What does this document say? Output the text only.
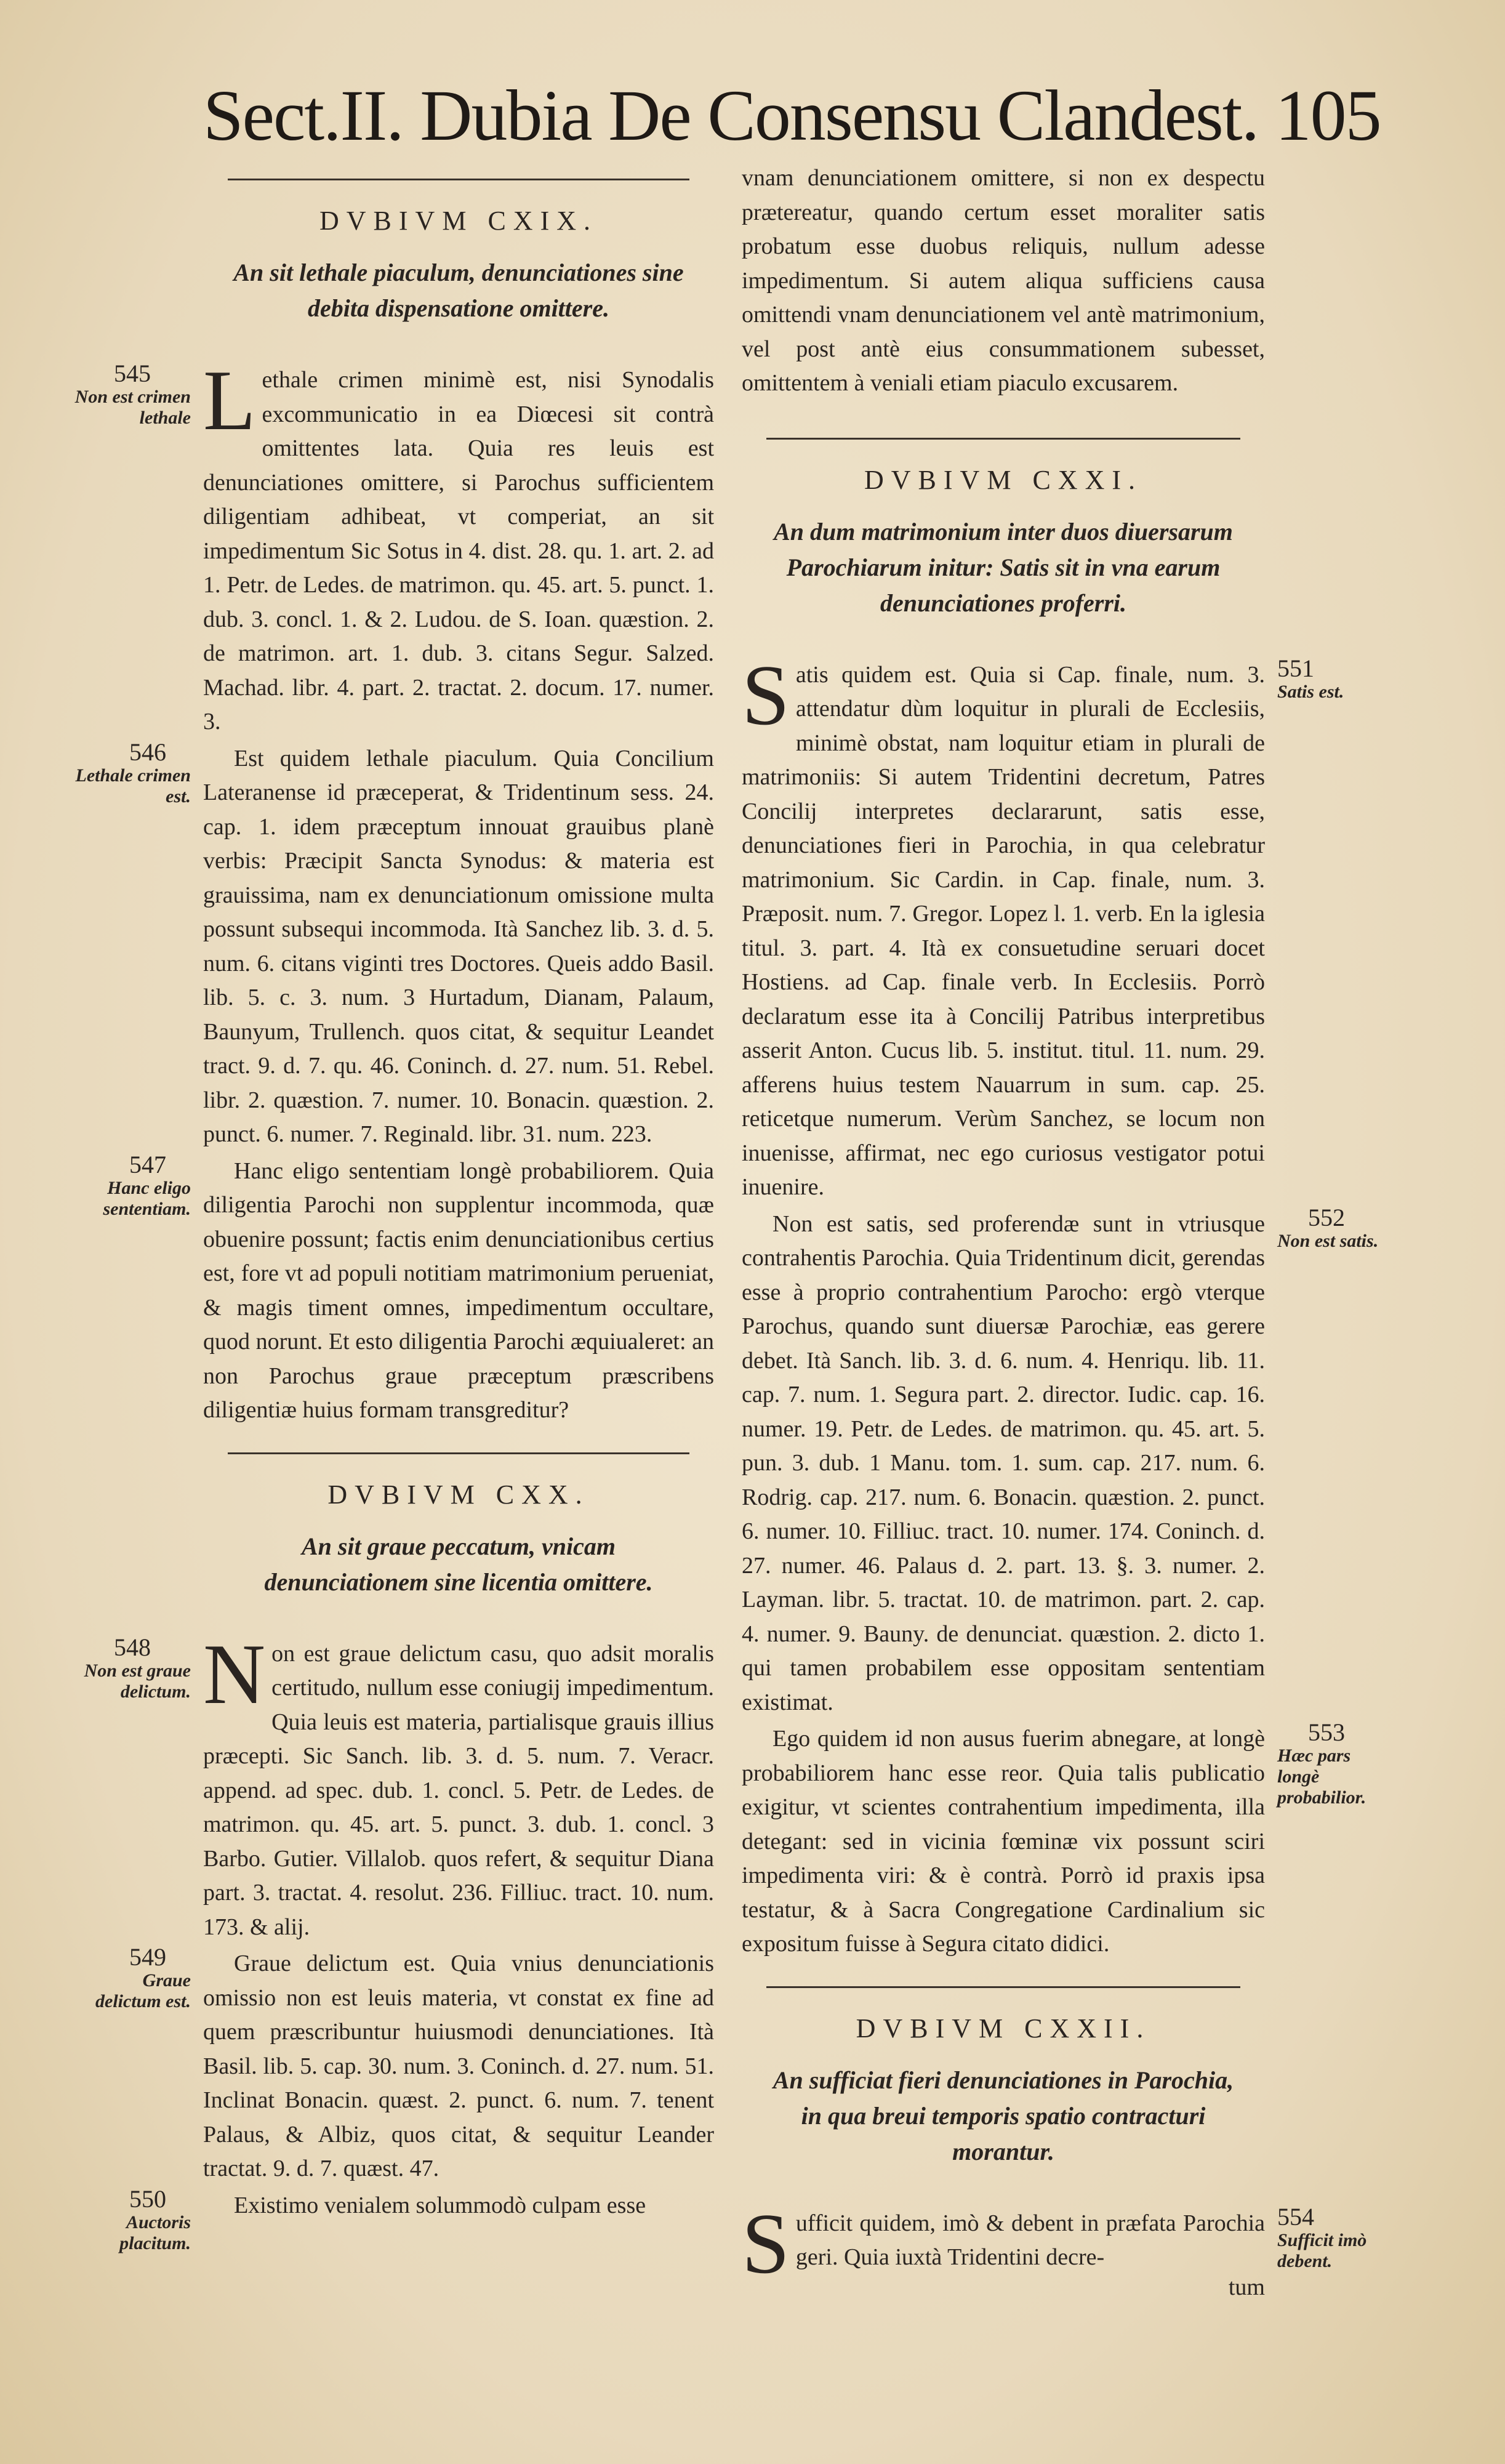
Sect.II. Dubia De Consensu Clandest. 105
DVBIVM CXIX.
An sit lethale piaculum, denunciationes sine debita dispensatione omittere.
545
Non est crimen lethale Lethale crimen minimè est, nisi Synodalis excommunicatio in ea Diœcesi sit contrà omittentes lata. Quia res leuis est denunciationes omittere, si Parochus sufficientem diligentiam adhibeat, vt comperiat, an sit impedimentum Sic Sotus in 4. dist. 28. qu. 1. art. 2. ad 1. Petr. de Ledes. de matrimon. qu. 45. art. 5. punct. 1. dub. 3. concl. 1. & 2. Ludou. de S. Ioan. quæstion. 2. de matrimon. art. 1. dub. 3. citans Segur. Salzed. Machad. libr. 4. part. 2. tractat. 2. docum. 17. numer. 3.
546
Lethale crimen est.
Est quidem lethale piaculum. Quia Concilium Lateranense id præceperat, & Tridentinum sess. 24. cap. 1. idem præceptum innouat grauibus planè verbis: Præcipit Sancta Synodus: & materia est grauissima, nam ex denunciationum omissione multa possunt subsequi incommoda. Ità Sanchez lib. 3. d. 5. num. 6. citans viginti tres Doctores. Queis addo Basil. lib. 5. c. 3. num. 3 Hurtadum, Dianam, Palaum, Baunyum, Trullench. quos citat, & sequitur Leandet tract. 9. d. 7. qu. 46. Coninch. d. 27. num. 51. Rebel. libr. 2. quæstion. 7. numer. 10. Bonacin. quæstion. 2. punct. 6. numer. 7. Reginald. libr. 31. num. 223.
547
Hanc eligo sententiam.
Hanc eligo sententiam longè probabiliorem. Quia diligentia Parochi non supplentur incommoda, quæ obuenire possunt; factis enim denunciationibus certius est, fore vt ad populi notitiam matrimonium perueniat, & magis timent omnes, impedimentum occultare, quod norunt. Et esto diligentia Parochi æquiualeret: an non Parochus graue præceptum præscribens diligentiæ huius formam transgreditur?
DVBIVM CXX.
An sit graue peccatum, vnicam denunciationem sine licentia omittere.
548
Non est graue delictum. Non est graue delictum casu, quo adsit moralis certitudo, nullum esse coniugij impedimentum. Quia leuis est materia, partialisque grauis illius præcepti. Sic Sanch. lib. 3. d. 5. num. 7. Veracr. append. ad spec. dub. 1. concl. 5. Petr. de Ledes. de matrimon. qu. 45. art. 5. punct. 3. dub. 1. concl. 3 Barbo. Gutier. Villalob. quos refert, & sequitur Diana part. 3. tractat. 4. resolut. 236. Filliuc. tract. 10. num. 173. & alij.
549
Graue delictum est.
Graue delictum est. Quia vnius denunciationis omissio non est leuis materia, vt constat ex fine ad quem præscribuntur huiusmodi denunciationes. Ità Basil. lib. 5. cap. 30. num. 3. Coninch. d. 27. num. 51. Inclinat Bonacin. quæst. 2. punct. 6. num. 7. tenent Palaus, & Albiz, quos citat, & sequitur Leander tractat. 9. d. 7. quæst. 47.
550
Auctoris placitum.
Existimo venialem solummodò culpam esse
vnam denunciationem omittere, si non ex despectu prætereatur, quando certum esset moraliter satis probatum esse duobus reliquis, nullum adesse impedimentum. Si autem aliqua sufficiens causa omittendi vnam denunciationem vel antè matrimonium, vel post antè eius consummationem subesset, omittentem à veniali etiam piaculo excusarem.
DVBIVM CXXI.
An dum matrimonium inter duos diuersarum Parochiarum initur: Satis sit in vna earum denunciationes proferri.
551
Satis est.
Satis quidem est. Quia si Cap. finale, num. 3. attendatur dùm loquitur in plurali de Ecclesiis, minimè obstat, nam loquitur etiam in plurali de matrimoniis: Si autem Tridentini decretum, Patres Concilij interpretes declararunt, satis esse, denunciationes fieri in Parochia, in qua celebratur matrimonium. Sic Cardin. in Cap. finale, num. 3. Præposit. num. 7. Gregor. Lopez l. 1. verb. En la iglesia titul. 3. part. 4. Ità ex consuetudine seruari docet Hostiens. ad Cap. finale verb. In Ecclesiis. Porrò declaratum esse ita à Concilij Patribus interpretibus asserit Anton. Cucus lib. 5. institut. titul. 11. num. 29. afferens huius testem Nauarrum in sum. cap. 25. reticetque numerum. Verùm Sanchez, se locum non inuenisse, affirmat, nec ego curiosus vestigator potui inuenire.
552
Non est satis.
Non est satis, sed proferendæ sunt in vtriusque contrahentis Parochia. Quia Tridentinum dicit, gerendas esse à proprio contrahentium Parocho: ergò vterque Parochus, quando sunt diuersæ Parochiæ, eas gerere debet. Ità Sanch. lib. 3. d. 6. num. 4. Henriqu. lib. 11. cap. 7. num. 1. Segura part. 2. director. Iudic. cap. 16. numer. 19. Petr. de Ledes. de matrimon. qu. 45. art. 5. pun. 3. dub. 1 Manu. tom. 1. sum. cap. 217. num. 6. Rodrig. cap. 217. num. 6. Bonacin. quæstion. 2. punct. 6. numer. 10. Filliuc. tract. 10. numer. 174. Coninch. d. 27. numer. 46. Palaus d. 2. part. 13. §. 3. numer. 2. Layman. libr. 5. tractat. 10. de matrimon. part. 2. cap. 4. numer. 9. Bauny. de denunciat. quæstion. 2. dicto 1. qui tamen probabilem esse oppositam sententiam existimat.
553
Hæc pars longè probabilior.
Ego quidem id non ausus fuerim abnegare, at longè probabiliorem hanc esse reor. Quia talis publicatio exigitur, vt scientes contrahentium impedimenta, illa detegant: sed in vicinia fœminæ vix possunt sciri impedimenta viri: & è contrà. Porrò id praxis ipsa testatur, & à Sacra Congregatione Cardinalium sic expositum fuisse à Segura citato didici.
DVBIVM CXXII.
An sufficiat fieri denunciationes in Parochia, in qua breui temporis spatio contracturi morantur.
554
Sufficit imò debent.
Sufficit quidem, imò & debent in præfata Parochia geri. Quia iuxtà Tridentini decre-
tum
